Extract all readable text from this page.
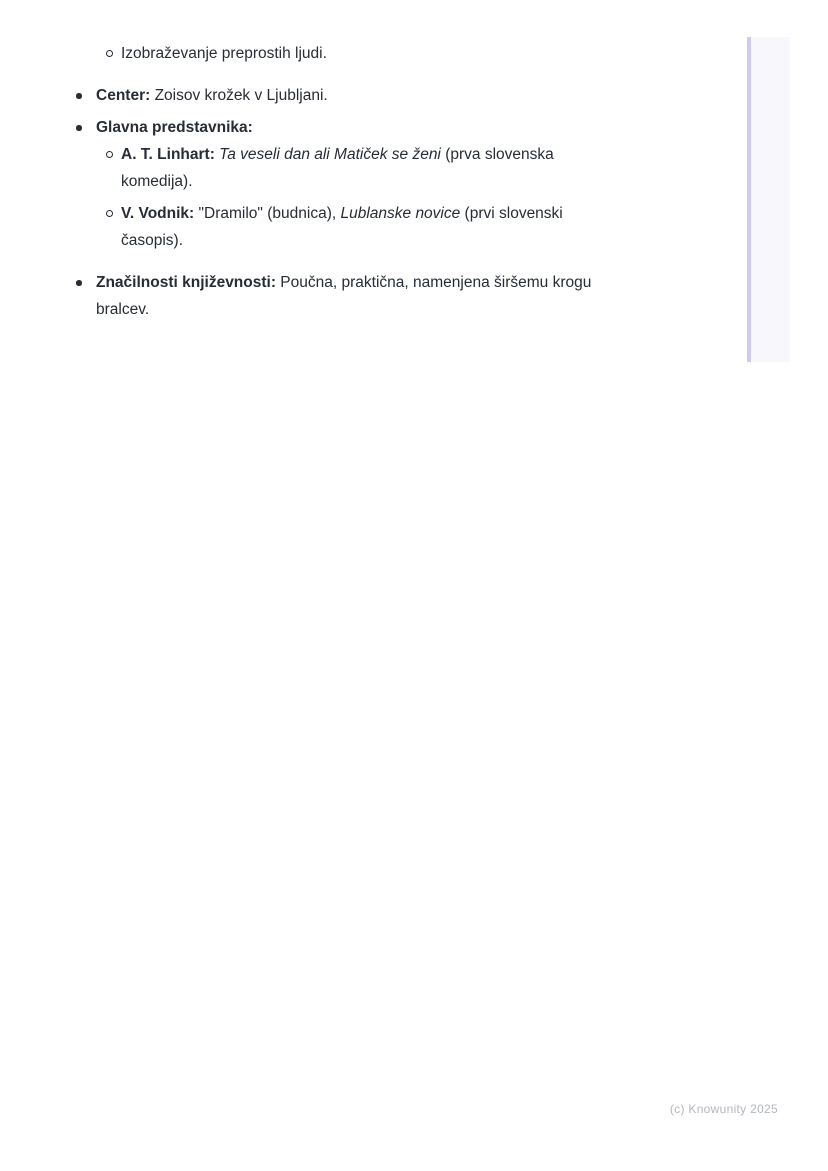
Izobraževanje preprostih ljudi.
Center: Zoisov krožek v Ljubljani.
Glavna predstavnika:
A. T. Linhart: Ta veseli dan ali Matiček se ženi (prva slovenska komedija).
V. Vodnik: "Dramilo" (budnica), Lublanske novice (prvi slovenski časopis).
Značilnosti književnosti: Poučna, praktična, namenjena širšemu krogu bralcev.
(c) Knowunity 2025
